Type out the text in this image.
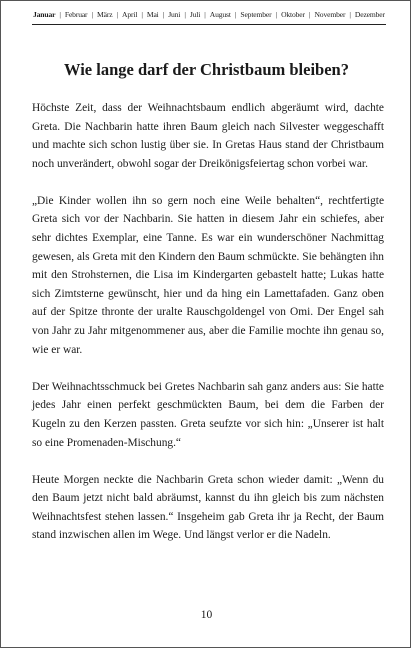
Januar | Februar | März | April | Mai | Juni | Juli | August | September | Oktober | November | Dezember
Wie lange darf der Christbaum bleiben?

Höchste Zeit, dass der Weihnachtsbaum endlich abgeräumt wird, dachte Greta. Die Nachbarin hatte ihren Baum gleich nach Silvester weggeschafft und machte sich schon lustig über sie. In Gretas Haus stand der Christbaum noch unverändert, obwohl sogar der Dreikönigsfeiertag schon vorbei war.

„Die Kinder wollen ihn so gern noch eine Weile behalten“, rechtfertigte Greta sich vor der Nachbarin. Sie hatten in diesem Jahr ein schiefes, aber sehr dichtes Exemplar, eine Tanne. Es war ein wunderschöner Nachmittag gewesen, als Greta mit den Kindern den Baum schmückte. Sie behängten ihn mit den Strohsternen, die Lisa im Kindergarten gebastelt hatte; Lukas hatte sich Zimtsterne gewünscht, hier und da hing ein Lamettafaden. Ganz oben auf der Spitze thronte der uralte Rauschgoldengel von Omi. Der Engel sah von Jahr zu Jahr mitgenommener aus, aber die Familie mochte ihn genau so, wie er war.

Der Weihnachtsschmuck bei Gretes Nachbarin sah ganz anders aus: Sie hatte jedes Jahr einen perfekt geschmückten Baum, bei dem die Farben der Kugeln zu den Kerzen passten. Greta seufzte vor sich hin: „Unserer ist halt so eine Promenaden-Mischung.“

Heute Morgen neckte die Nachbarin Greta schon wieder damit: „Wenn du den Baum jetzt nicht bald abräumst, kannst du ihn gleich bis zum nächsten Weihnachtsfest stehen lassen.“ Insgeheim gab Greta ihr ja Recht, der Baum stand inzwischen allen im Wege. Und längst verlor er die Nadeln.

10
